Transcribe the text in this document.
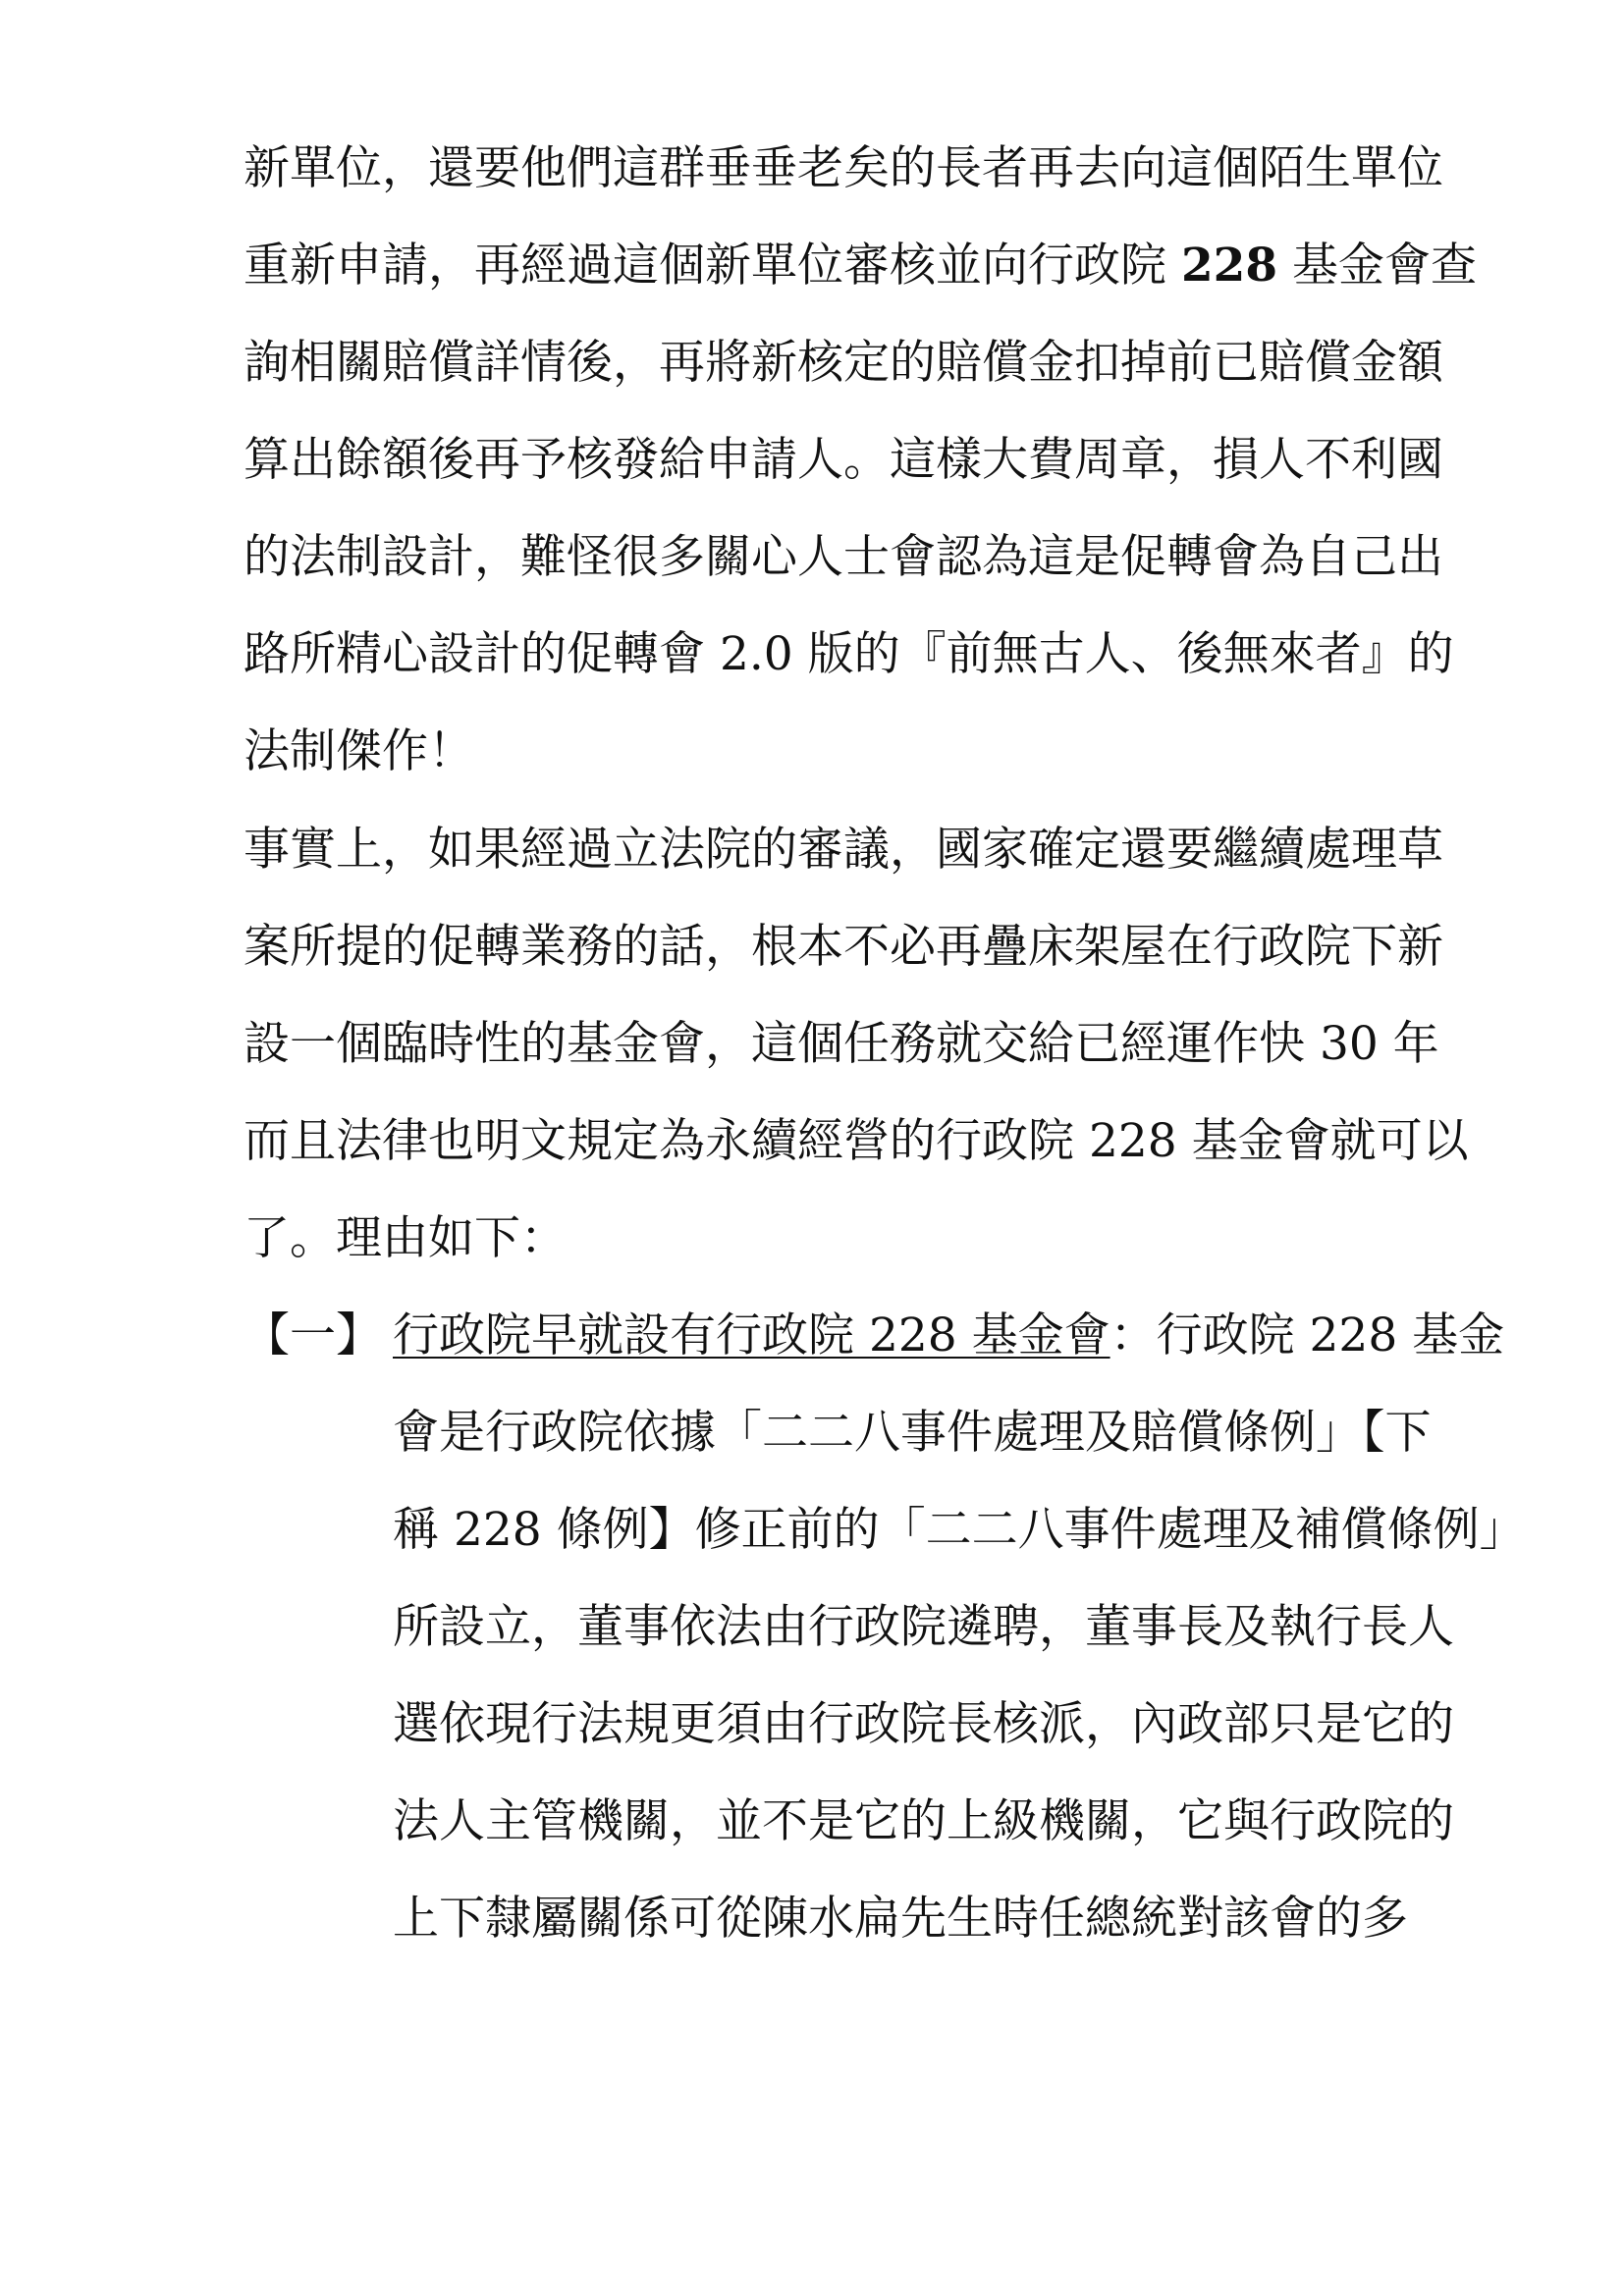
新單位，還要他們這群垂垂老矣的長者再去向這個陌生單位
重新申請，再經過這個新單位審核並向行政院 228 基金會查
詢相關賠償詳情後，再將新核定的賠償金扣掉前已賠償金額
算出餘額後再予核發給申請人。這樣大費周章，損人不利國
的法制設計，難怪很多關心人士會認為這是促轉會為自己出
路所精心設計的促轉會 2.0 版的『前無古人、後無來者』的
法制傑作！
事實上，如果經過立法院的審議，國家確定還要繼續處理草
案所提的促轉業務的話，根本不必再疊床架屋在行政院下新
設一個臨時性的基金會，這個任務就交給已經運作快 30 年
而且法律也明文規定為永續經營的行政院 228 基金會就可以
了。理由如下：
【一】 行政院早就設有行政院 228 基金會：行政院 228 基金
會是行政院依據「二二八事件處理及賠償條例」【下
稱 228 條例】修正前的「二二八事件處理及補償條例」
所設立，董事依法由行政院遴聘，董事長及執行長人
選依現行法規更須由行政院長核派，內政部只是它的
法人主管機關，並不是它的上級機關，它與行政院的
上下隸屬關係可從陳水扁先生時任總統對該會的多
